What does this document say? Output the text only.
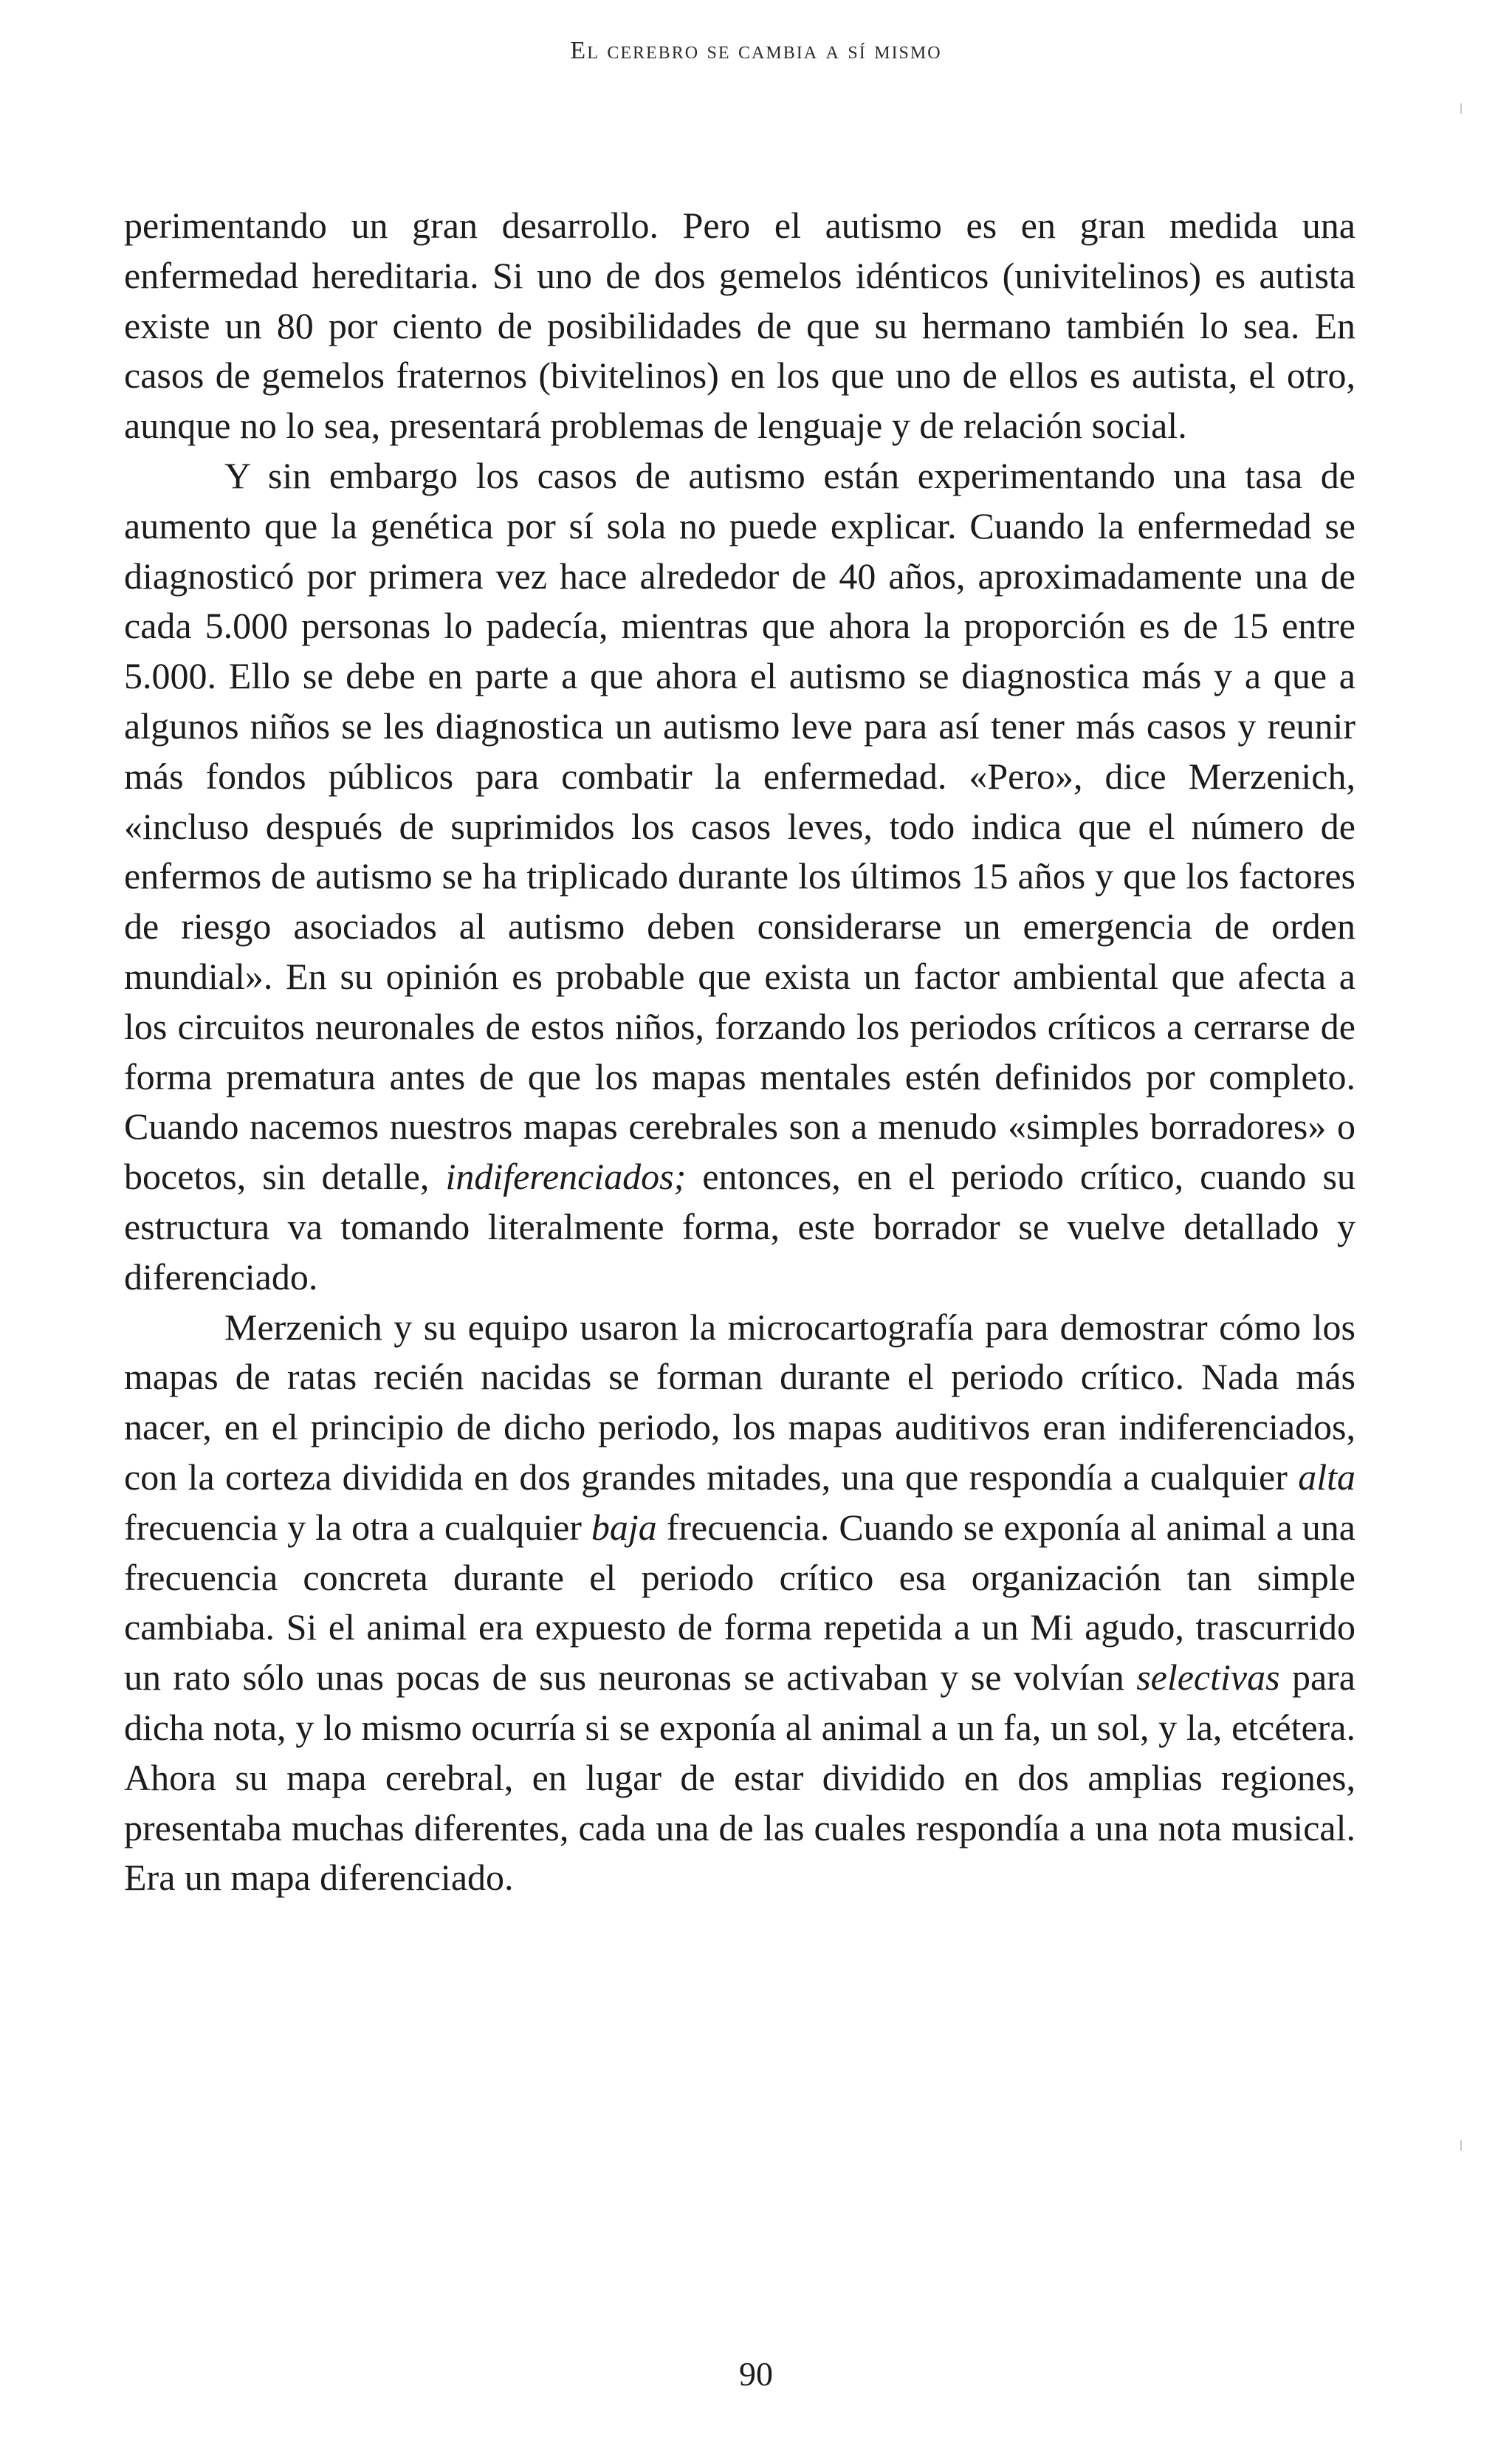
El cerebro se cambia a sí mismo

perimentando un gran desarrollo. Pero el autismo es en gran medida una enfermedad hereditaria. Si uno de dos gemelos idénticos (univitelinos) es autista existe un 80 por ciento de posibilidades de que su hermano también lo sea. En casos de gemelos fraternos (bivitelinos) en los que uno de ellos es autista, el otro, aunque no lo sea, presentará problemas de lenguaje y de relación social.

Y sin embargo los casos de autismo están experimentando una tasa de aumento que la genética por sí sola no puede explicar. Cuando la enfermedad se diagnosticó por primera vez hace alrededor de 40 años, aproximadamente una de cada 5.000 personas lo padecía, mientras que ahora la proporción es de 15 entre 5.000. Ello se debe en parte a que ahora el autismo se diagnostica más y a que a algunos niños se les diagnostica un autismo leve para así tener más casos y reunir más fondos públicos para combatir la enfermedad. «Pero», dice Merzenich, «incluso después de suprimidos los casos leves, todo indica que el número de enfermos de autismo se ha triplicado durante los últimos 15 años y que los factores de riesgo asociados al autismo deben considerarse un emergencia de orden mundial». En su opinión es probable que exista un factor ambiental que afecta a los circuitos neuronales de estos niños, forzando los periodos críticos a cerrarse de forma prematura antes de que los mapas mentales estén definidos por completo. Cuando nacemos nuestros mapas cerebrales son a menudo «simples borradores» o bocetos, sin detalle, indiferenciados; entonces, en el periodo crítico, cuando su estructura va tomando literalmente forma, este borrador se vuelve detallado y diferenciado.

Merzenich y su equipo usaron la microcartografía para demostrar cómo los mapas de ratas recién nacidas se forman durante el periodo crítico. Nada más nacer, en el principio de dicho periodo, los mapas auditivos eran indiferenciados, con la corteza dividida en dos grandes mitades, una que respondía a cualquier alta frecuencia y la otra a cualquier baja frecuencia. Cuando se exponía al animal a una frecuencia concreta durante el periodo crítico esa organización tan simple cambiaba. Si el animal era expuesto de forma repetida a un Mi agudo, trascurrido un rato sólo unas pocas de sus neuronas se activaban y se volvían selectivas para dicha nota, y lo mismo ocurría si se exponía al animal a un fa, un sol, y la, etcétera. Ahora su mapa cerebral, en lugar de estar dividido en dos amplias regiones, presentaba muchas diferentes, cada una de las cuales respondía a una nota musical. Era un mapa diferenciado.

90
